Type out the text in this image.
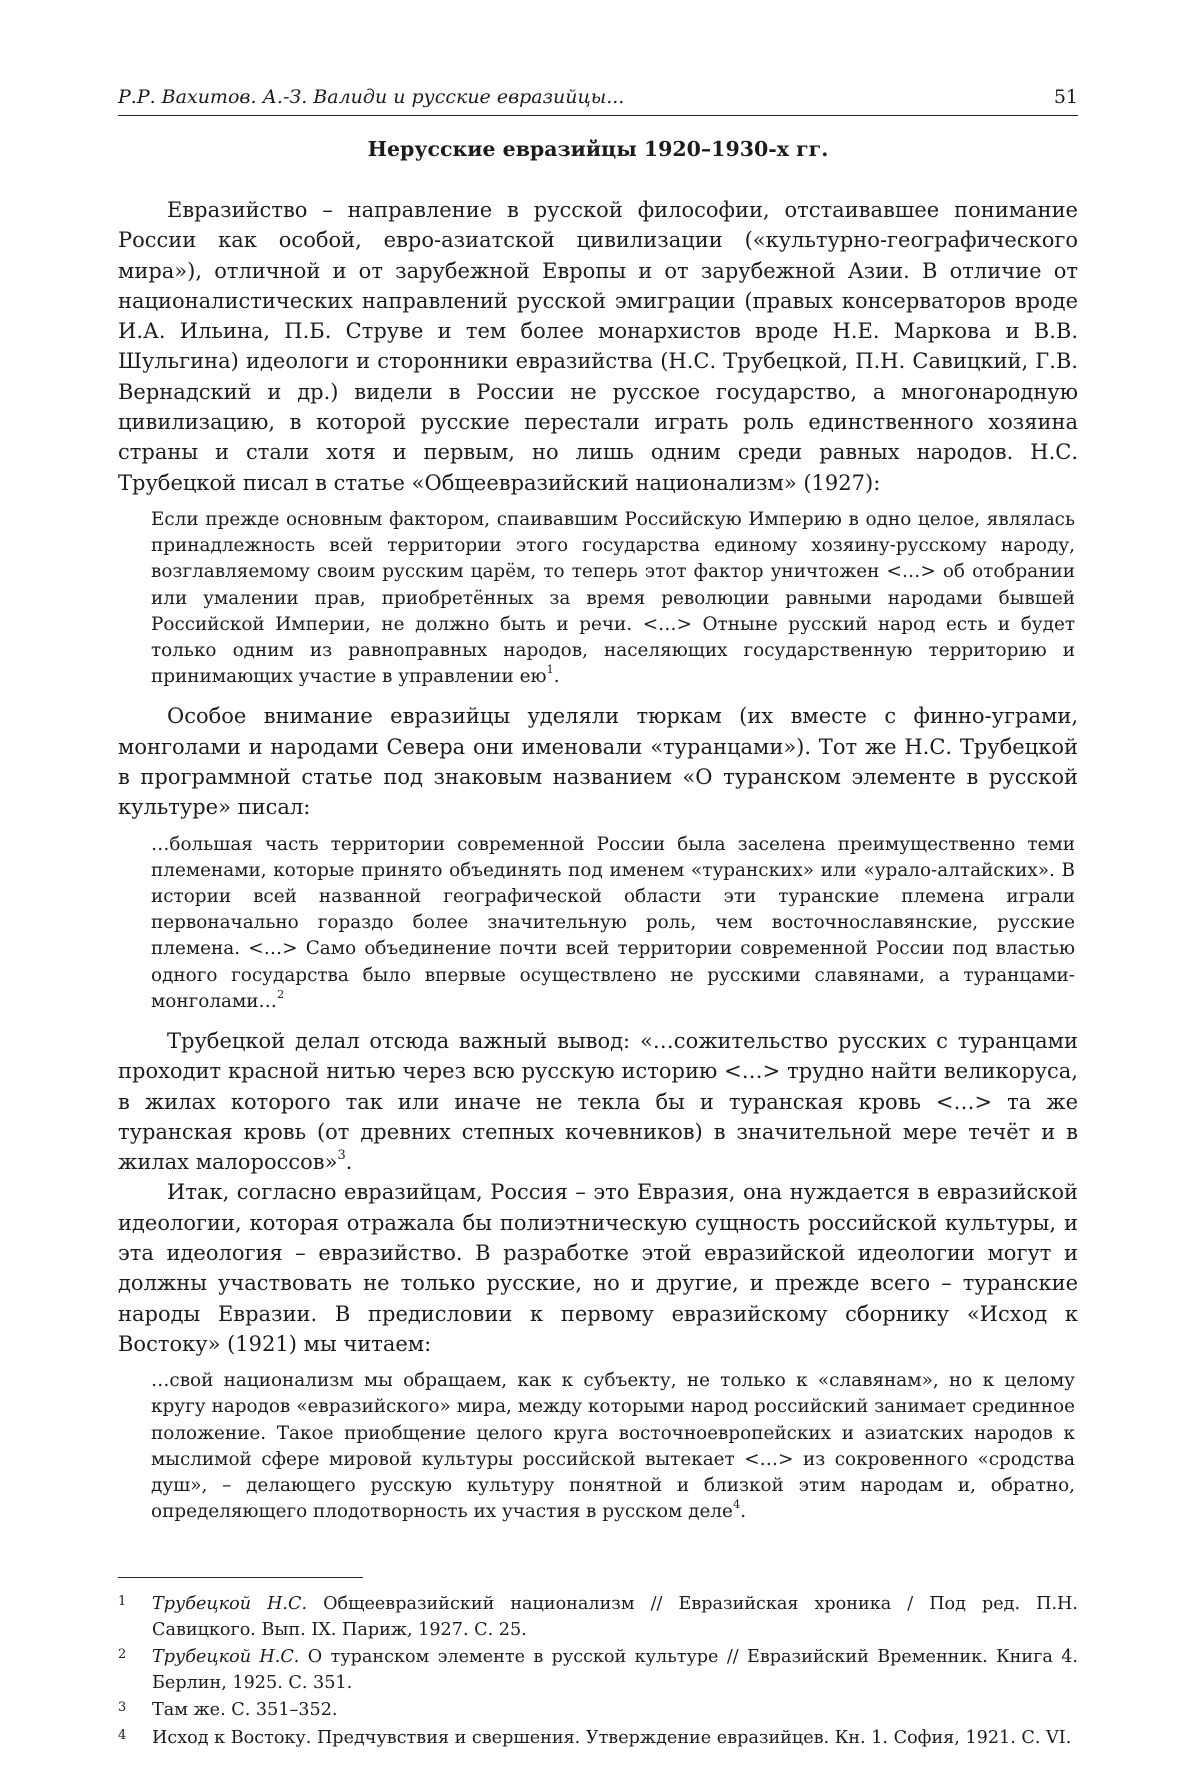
Р.Р. Вахитов. А.-З. Валиди и русские евразийцы...	51
Нерусские евразийцы 1920–1930-х гг.

Евразийство – направление в русской философии, отстаивавшее понимание России как особой, евро-азиатской цивилизации («культурно-географического мира»), отличной и от зарубежной Европы и от зарубежной Азии. В отличие от националистических направлений русской эмиграции (правых консерваторов вроде И.А. Ильина, П.Б. Струве и тем более монархистов вроде Н.Е. Маркова и В.В. Шульгина) идеологи и сторонники евразийства (Н.С. Трубецкой, П.Н. Савицкий, Г.В. Вернадский и др.) видели в России не русское государство, а многонародную цивилизацию, в которой русские перестали играть роль единственного хозяина страны и стали хотя и первым, но лишь одним среди равных народов. Н.С. Трубецкой писал в статье «Общеевразийский национализм» (1927):

Если прежде основным фактором, спаивавшим Российскую Империю в одно целое, являлась принадлежность всей территории этого государства единому хозяину-русскому народу, возглавляемому своим русским царём, то теперь этот фактор уничтожен <…> об отобрании или умалении прав, приобретённых за время революции равными народами бывшей Российской Империи, не должно быть и речи. <…> Отныне русский народ есть и будет только одним из равноправных народов, населяющих государственную территорию и принимающих участие в управлении $ею^1$.

Особое внимание евразийцы уделяли тюркам (их вместе с финно-уграми, монголами и народами Севера они именовали «туранцами»). Тот же Н.С. Трубецкой в программной статье под знаковым названием «О туранском элементе в русской культуре» писал:

…большая часть территории современной России была заселена преимущественно теми племенами, которые принято объединять под именем «туранских» или «урало-алтайских». В истории всей названной географической области эти туранские племена играли первоначально гораздо более значительную роль, чем восточнославянские, русские племена. <…> Само объединение почти всей территории современной России под властью одного государства было впервые осуществлено не русскими славянами, а туранцами-монголами…$^2$

Трубецкой делал отсюда важный вывод: «…сожительство русских с туранцами проходит красной нитью через всю русскую историю <…> трудно найти великоруса, в жилах которого так или иначе не текла бы и туранская кровь <…> та же туранская кровь (от древних степных кочевников) в значительной мере течёт и в жилах малороссов»$^3$.

Итак, согласно евразийцам, Россия – это Евразия, она нуждается в евразийской идеологии, которая отражала бы полиэтническую сущность российской культуры, и эта идеология – евразийство. В разработке этой евразийской идеологии могут и должны участвовать не только русские, но и другие, и прежде всего – туранские народы Евразии. В предисловии к первому евразийскому сборнику «Исход к Востоку» (1921) мы читаем:

…свой национализм мы обращаем, как к субъекту, не только к «славянам», но к целому кругу народов «евразийского» мира, между которыми народ российский занимает срединное положение. Такое приобщение целого круга восточноевропейских и азиатских народов к мыслимой сфере мировой культуры российской вытекает <…> из сокровенного «сродства душ», – делающего русскую культуру понятной и близкой этим народам и, обратно, определяющего плодотворность их участия в русском деле$^4$.
1	Трубецкой Н.С. Общеевразийский национализм // Евразийская хроника / Под ред. П.Н. Савицкого. Вып. IX. Париж, 1927. С. 25.
2	Трубецкой Н.С. О туранском элементе в русской культуре // Евразийский Временник. Книга 4. Берлин, 1925. С. 351.
3	Там же. С. 351–352.
4	Исход к Востоку. Предчувствия и свершения. Утверждение евразийцев. Кн. 1. София, 1921. С. VI.
